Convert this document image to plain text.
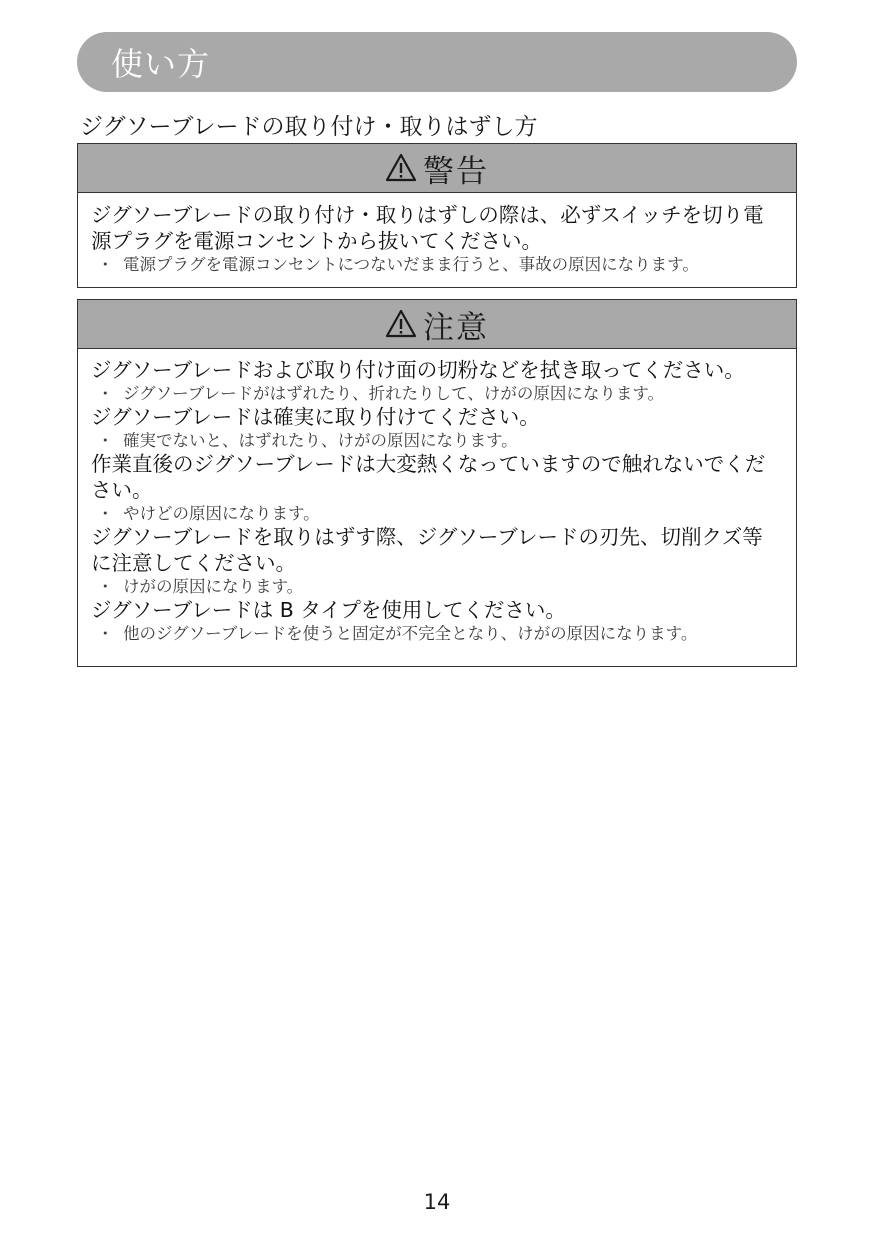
使い方
ジグソーブレードの取り付け・取りはずし方
警告
ジグソーブレードの取り付け・取りはずしの際は、必ずスイッチを切り電
源プラグを電源コンセントから抜いてください。
・ 電源プラグを電源コンセントにつないだまま行うと、事故の原因になります。
注意
ジグソーブレードおよび取り付け面の切粉などを拭き取ってください。
・ ジグソーブレードがはずれたり、折れたりして、けがの原因になります。
ジグソーブレードは確実に取り付けてください。
・ 確実でないと、はずれたり、けがの原因になります。
作業直後のジグソーブレードは大変熱くなっていますので触れないでくだ
さい。
・ やけどの原因になります。
ジグソーブレードを取りはずす際、ジグソーブレードの刃先、切削クズ等
に注意してください。
・ けがの原因になります。
ジグソーブレードは B タイプを使用してください。
・ 他のジグソーブレードを使うと固定が不完全となり、けがの原因になります。
14
